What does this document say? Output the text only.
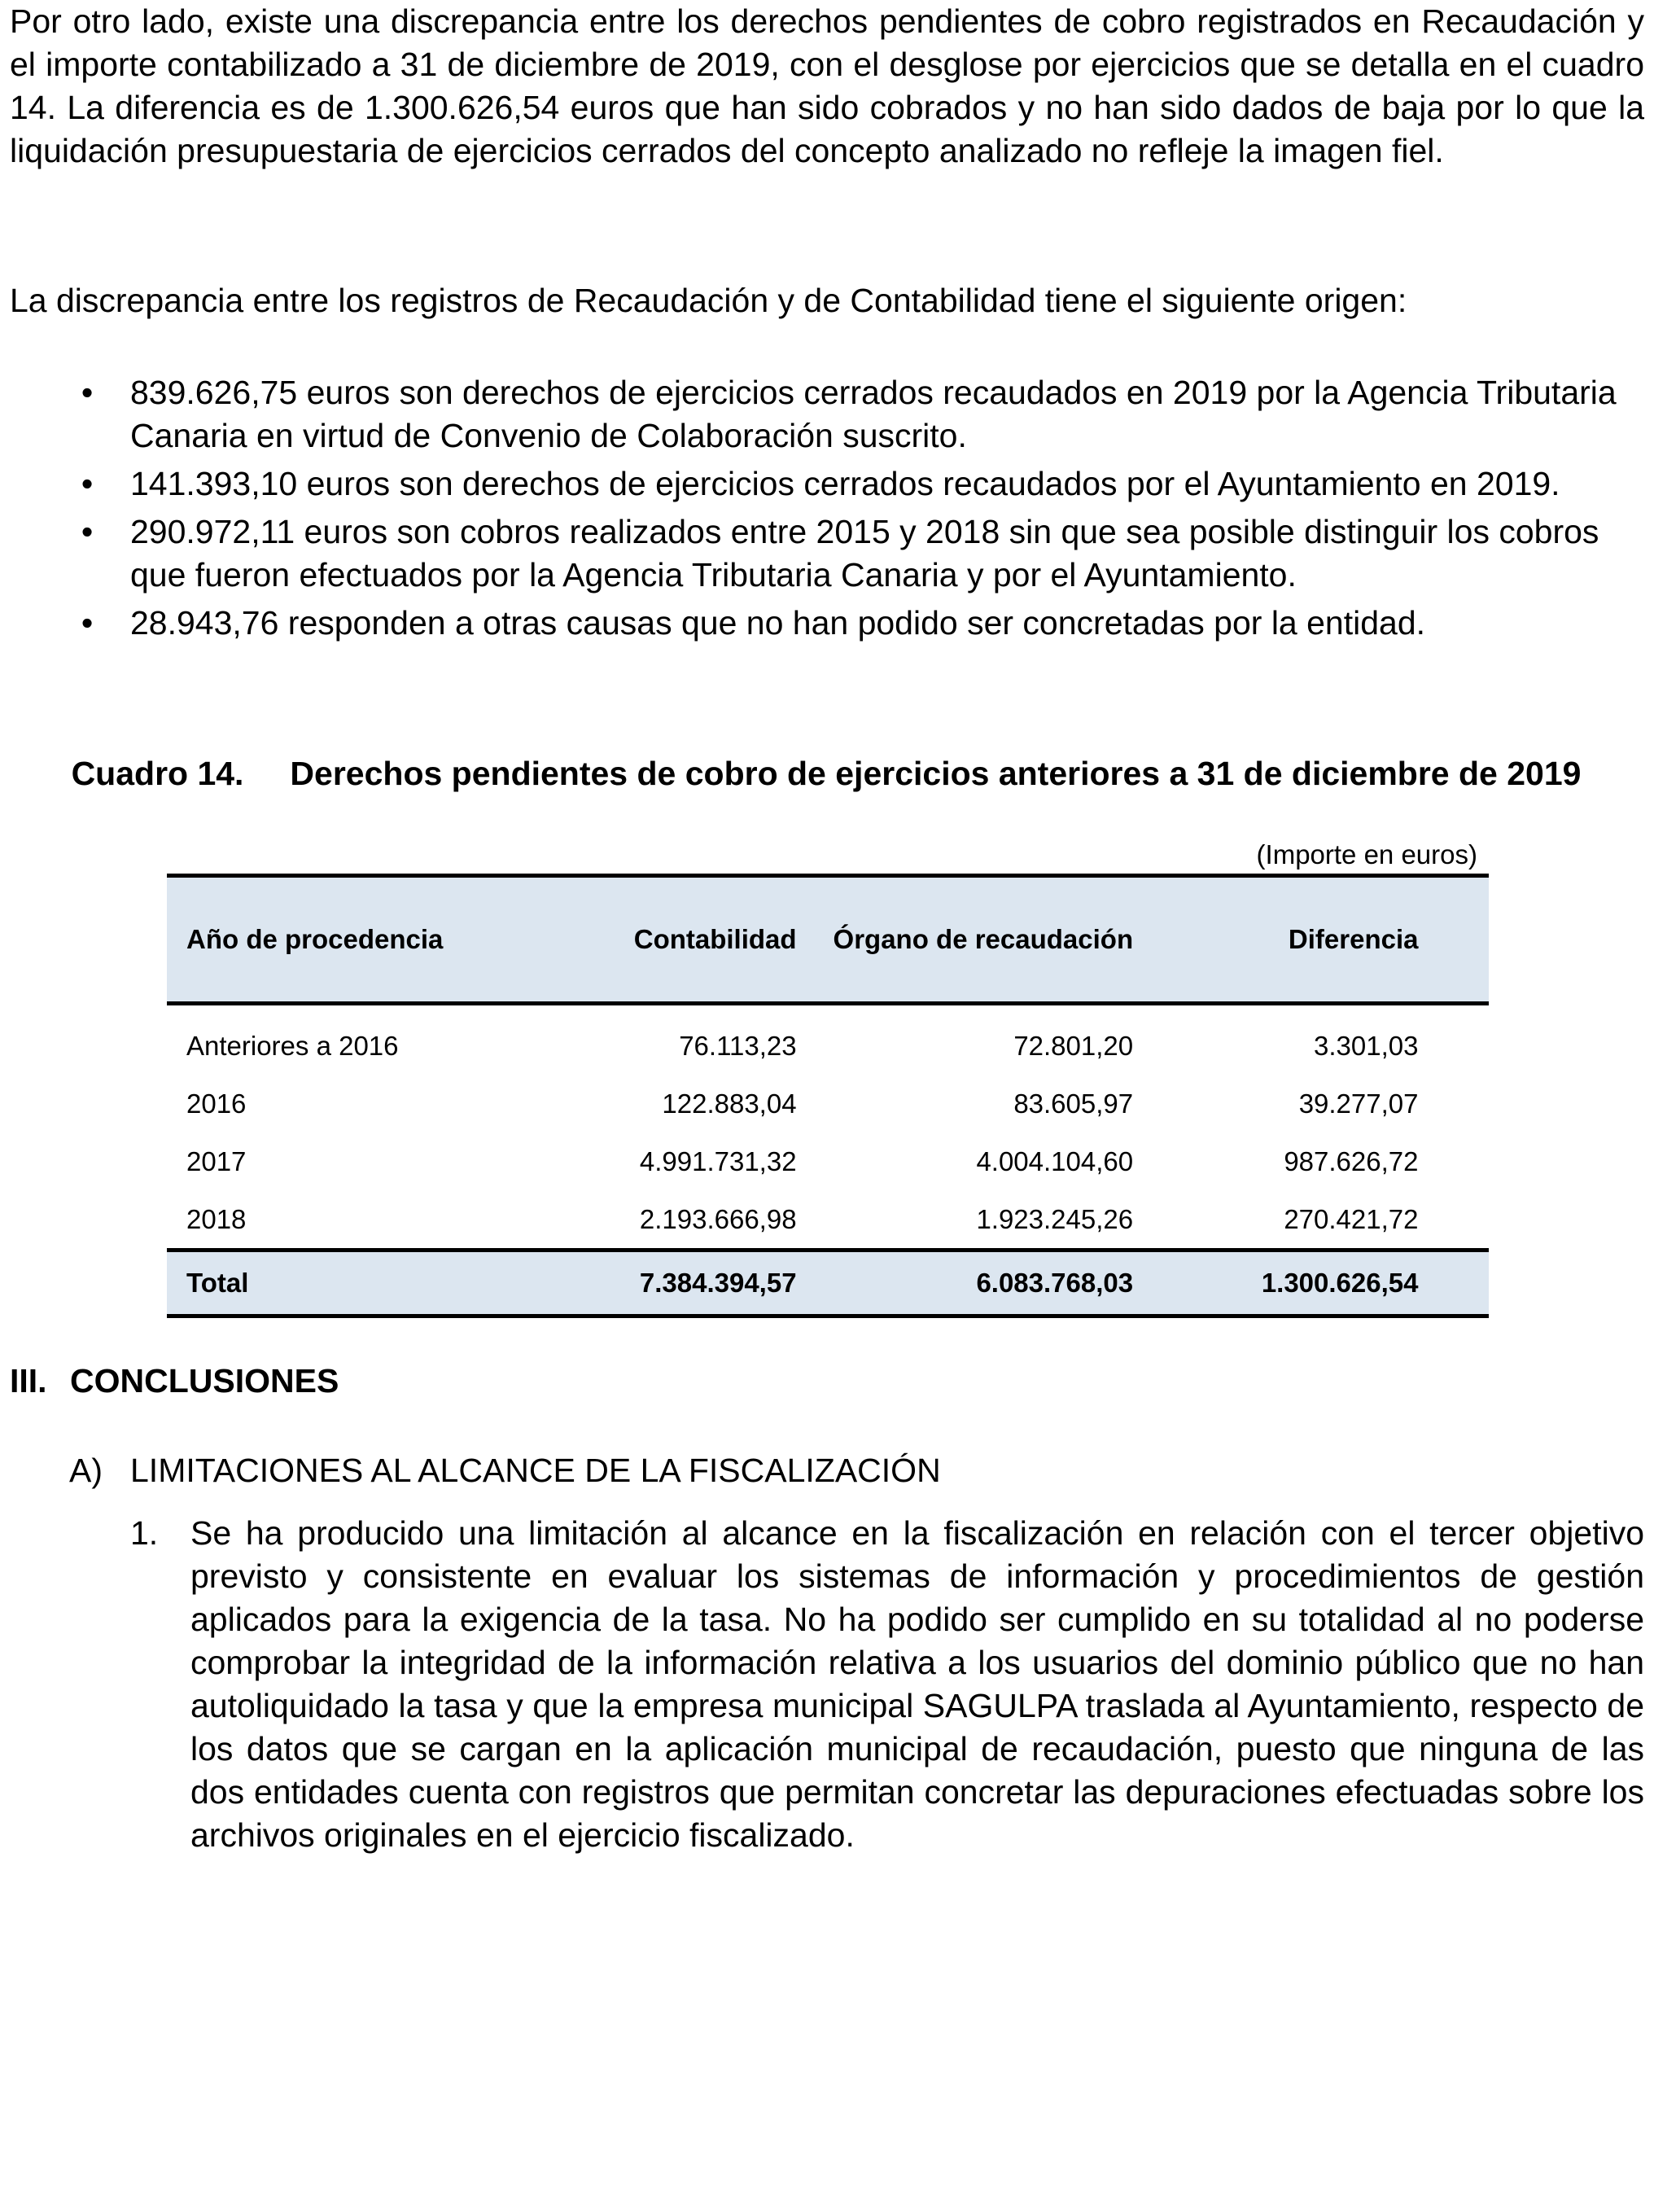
Por otro lado, existe una discrepancia entre los derechos pendientes de cobro registrados en Recaudación y el importe contabilizado a 31 de diciembre de 2019, con el desglose por ejercicios que se detalla en el cuadro 14. La diferencia es de 1.300.626,54 euros que han sido cobrados y no han sido dados de baja por lo que la liquidación presupuestaria de ejercicios cerrados del concepto analizado no refleje la imagen fiel.

La discrepancia entre los registros de Recaudación y de Contabilidad tiene el siguiente origen:

• 839.626,75 euros son derechos de ejercicios cerrados recaudados en 2019 por la Agencia Tributaria Canaria en virtud de Convenio de Colaboración suscrito.
• 141.393,10 euros son derechos de ejercicios cerrados recaudados por el Ayuntamiento en 2019.
• 290.972,11 euros son cobros realizados entre 2015 y 2018 sin que sea posible distinguir los cobros que fueron efectuados por la Agencia Tributaria Canaria y por el Ayuntamiento.
• 28.943,76 responden a otras causas que no han podido ser concretadas por la entidad.
Cuadro 14. Derechos pendientes de cobro de ejercicios anteriores a 31 de diciembre de 2019
(Importe en euros)
Año de procedencia	Contabilidad	Órgano de recaudación	Diferencia	
Anteriores a 2016	76.113,23	72.801,20	3.301,03	
2016	122.883,04	83.605,97	39.277,07	
2017	4.991.731,32	4.004.104,60	987.626,72	
2018	2.193.666,98	1.923.245,26	270.421,72	
Total	7.384.394,57	6.083.768,03	1.300.626,54	
III. CONCLUSIONES
A) LIMITACIONES AL ALCANCE DE LA FISCALIZACIÓN
1. Se ha producido una limitación al alcance en la fiscalización en relación con el tercer objetivo previsto y consistente en evaluar los sistemas de información y procedimientos de gestión aplicados para la exigencia de la tasa. No ha podido ser cumplido en su totalidad al no poderse comprobar la integridad de la información relativa a los usuarios del dominio público que no han autoliquidado la tasa y que la empresa municipal SAGULPA traslada al Ayuntamiento, respecto de los datos que se cargan en la aplicación municipal de recaudación, puesto que ninguna de las dos entidades cuenta con registros que permitan concretar las depuraciones efectuadas sobre los archivos originales en el ejercicio fiscalizado.
